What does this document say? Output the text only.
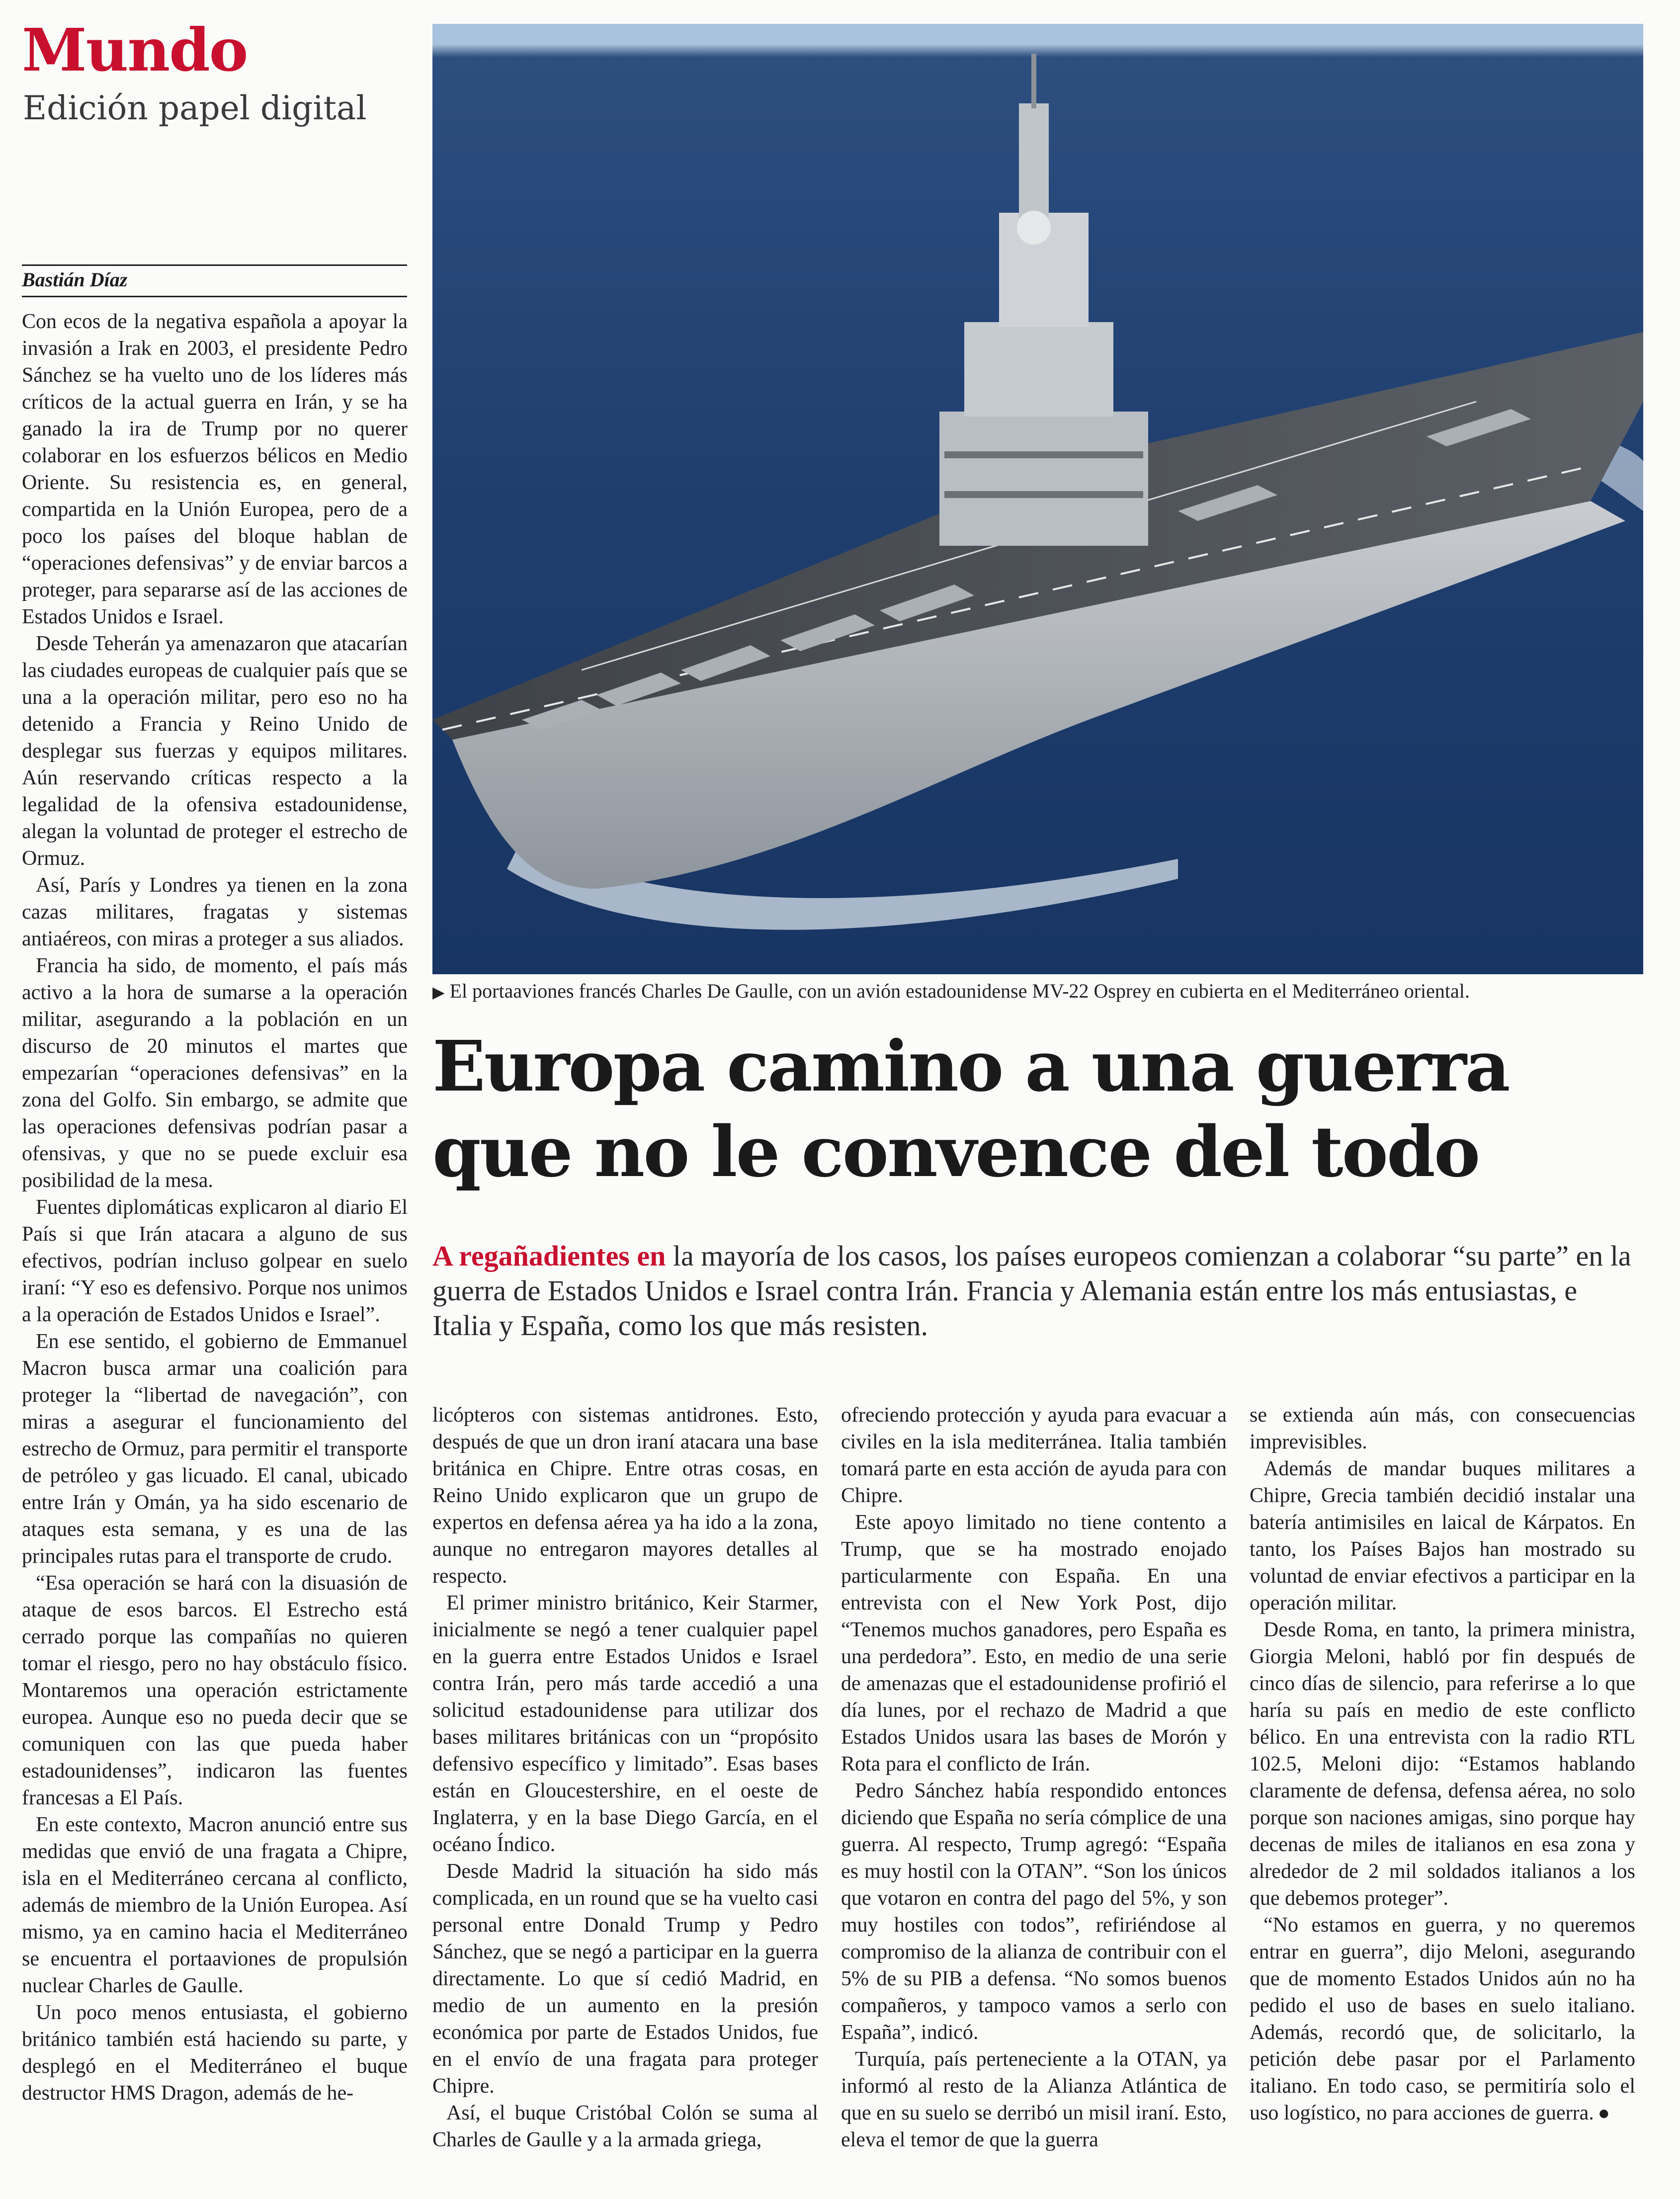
Mundo
Edición papel digital
Bastián Díaz

Con ecos de la negativa española a apoyar la invasión a Irak en 2003, el presidente Pedro Sánchez se ha vuelto uno de los líderes más críticos de la actual guerra en Irán, y se ha ganado la ira de Trump por no querer colaborar en los esfuerzos bélicos en Medio Oriente. Su resistencia es, en general, compartida en la Unión Europea, pero de a poco los países del bloque hablan de “operaciones defensivas” y de enviar barcos a proteger, para separarse así de las acciones de Estados Unidos e Israel.

Desde Teherán ya amenazaron que atacarían las ciudades europeas de cualquier país que se una a la operación militar, pero eso no ha detenido a Francia y Reino Unido de desplegar sus fuerzas y equipos militares. Aún reservando críticas respecto a la legalidad de la ofensiva estadounidense, alegan la voluntad de proteger el estrecho de Ormuz.

Así, París y Londres ya tienen en la zona cazas militares, fragatas y sistemas antiaéreos, con miras a proteger a sus aliados.

Francia ha sido, de momento, el país más activo a la hora de sumarse a la operación militar, asegurando a la población en un discurso de 20 minutos el martes que empezarían “operaciones defensivas” en la zona del Golfo. Sin embargo, se admite que las operaciones defensivas podrían pasar a ofensivas, y que no se puede excluir esa posibilidad de la mesa.

Fuentes diplomáticas explicaron al diario El País si que Irán atacara a alguno de sus efectivos, podrían incluso golpear en suelo iraní: “Y eso es defensivo. Porque nos unimos a la operación de Estados Unidos e Israel”.

En ese sentido, el gobierno de Emmanuel Macron busca armar una coalición para proteger la “libertad de navegación”, con miras a asegurar el funcionamiento del estrecho de Ormuz, para permitir el transporte de petróleo y gas licuado. El canal, ubicado entre Irán y Omán, ya ha sido escenario de ataques esta semana, y es una de las principales rutas para el transporte de crudo.

“Esa operación se hará con la disuasión de ataque de esos barcos. El Estrecho está cerrado porque las compañías no quieren tomar el riesgo, pero no hay obstáculo físico. Montaremos una operación estrictamente europea. Aunque eso no pueda decir que se comuniquen con las que pueda haber estadounidenses”, indicaron las fuentes francesas a El País.

En este contexto, Macron anunció entre sus medidas que envió de una fragata a Chipre, isla en el Mediterráneo cercana al conflicto, además de miembro de la Unión Europea. Así mismo, ya en camino hacia el Mediterráneo se encuentra el portaaviones de propulsión nuclear Charles de Gaulle.

Un poco menos entusiasta, el gobierno británico también está haciendo su parte, y desplegó en el Mediterráneo el buque destructor HMS Dragon, además de he-

▶ El portaaviones francés Charles De Gaulle, con un avión estadounidense MV-22 Osprey en cubierta en el Mediterráneo oriental.
Europa camino a una guerra
que no le convence del todo

A regañadientes en la mayoría de los casos, los países europeos comienzan a colaborar “su parte” en la guerra de Estados Unidos e Israel contra Irán. Francia y Alemania están entre los más entusiastas, e Italia y España, como los que más resisten.

licópteros con sistemas antidrones. Esto, después de que un dron iraní atacara una base británica en Chipre. Entre otras cosas, en Reino Unido explicaron que un grupo de expertos en defensa aérea ya ha ido a la zona, aunque no entregaron mayores detalles al respecto.

El primer ministro británico, Keir Starmer, inicialmente se negó a tener cualquier papel en la guerra entre Estados Unidos e Israel contra Irán, pero más tarde accedió a una solicitud estadounidense para utilizar dos bases militares británicas con un “propósito defensivo específico y limitado”. Esas bases están en Gloucestershire, en el oeste de Inglaterra, y en la base Diego García, en el océano Índico.

Desde Madrid la situación ha sido más complicada, en un round que se ha vuelto casi personal entre Donald Trump y Pedro Sánchez, que se negó a participar en la guerra directamente. Lo que sí cedió Madrid, en medio de un aumento en la presión económica por parte de Estados Unidos, fue en el envío de una fragata para proteger Chipre.

Así, el buque Cristóbal Colón se suma al Charles de Gaulle y a la armada griega,

ofreciendo protección y ayuda para evacuar a civiles en la isla mediterránea. Italia también tomará parte en esta acción de ayuda para con Chipre.

Este apoyo limitado no tiene contento a Trump, que se ha mostrado enojado particularmente con España. En una entrevista con el New York Post, dijo “Tenemos muchos ganadores, pero España es una perdedora”. Esto, en medio de una serie de amenazas que el estadounidense profirió el día lunes, por el rechazo de Madrid a que Estados Unidos usara las bases de Morón y Rota para el conflicto de Irán.

Pedro Sánchez había respondido entonces diciendo que España no sería cómplice de una guerra. Al respecto, Trump agregó: “España es muy hostil con la OTAN”. “Son los únicos que votaron en contra del pago del 5%, y son muy hostiles con todos”, refiriéndose al compromiso de la alianza de contribuir con el 5% de su PIB a defensa. “No somos buenos compañeros, y tampoco vamos a serlo con España”, indicó.

Turquía, país perteneciente a la OTAN, ya informó al resto de la Alianza Atlántica de que en su suelo se derribó un misil iraní. Esto, eleva el temor de que la guerra

se extienda aún más, con consecuencias imprevisibles.

Además de mandar buques militares a Chipre, Grecia también decidió instalar una batería antimisiles en laical de Kárpatos. En tanto, los Países Bajos han mostrado su voluntad de enviar efectivos a participar en la operación militar.

Desde Roma, en tanto, la primera ministra, Giorgia Meloni, habló por fin después de cinco días de silencio, para referirse a lo que haría su país en medio de este conflicto bélico. En una entrevista con la radio RTL 102.5, Meloni dijo: “Estamos hablando claramente de defensa, defensa aérea, no solo porque son naciones amigas, sino porque hay decenas de miles de italianos en esa zona y alrededor de 2 mil soldados italianos a los que debemos proteger”.

“No estamos en guerra, y no queremos entrar en guerra”, dijo Meloni, asegurando que de momento Estados Unidos aún no ha pedido el uso de bases en suelo italiano. Además, recordó que, de solicitarlo, la petición debe pasar por el Parlamento italiano. En todo caso, se permitiría solo el uso logístico, no para acciones de guerra. ●
